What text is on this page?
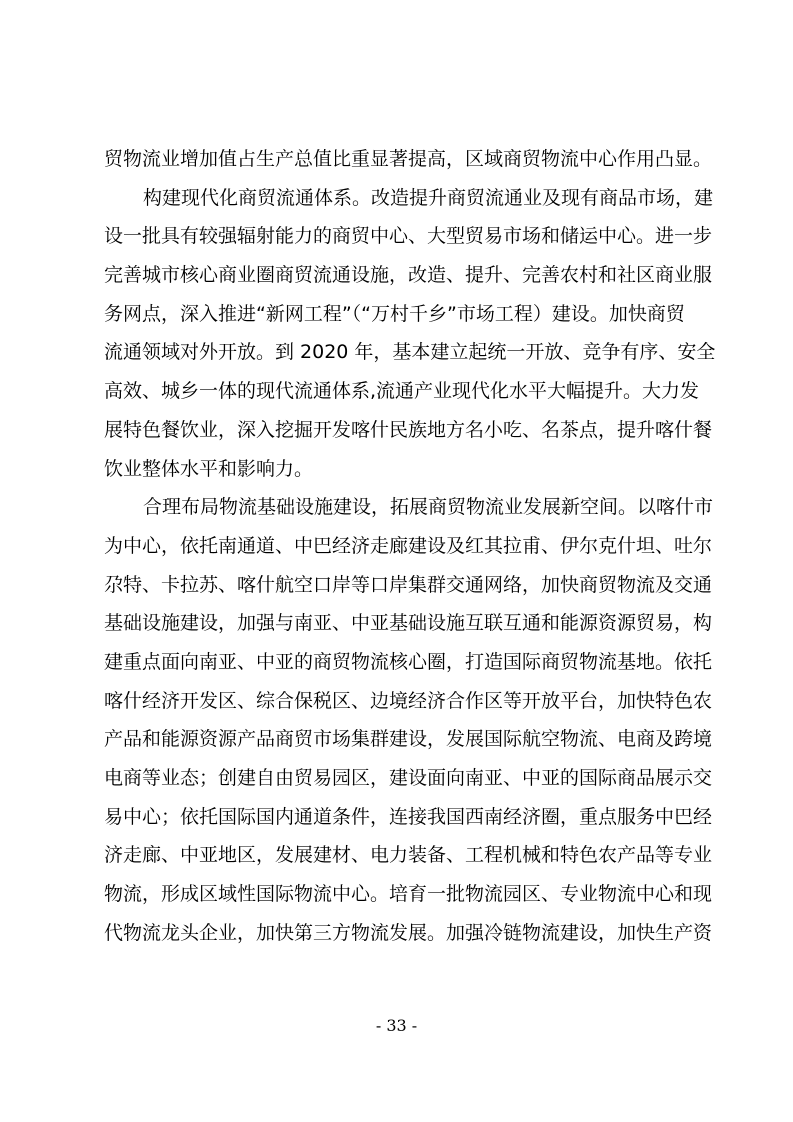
贸物流业增加值占生产总值比重显著提高，区域商贸物流中心作用凸显。
构建现代化商贸流通体系。改造提升商贸流通业及现有商品市场，建
设一批具有较强辐射能力的商贸中心、大型贸易市场和储运中心。进一步
完善城市核心商业圈商贸流通设施，改造、提升、完善农村和社区商业服
务网点，深入推进“新网工程”（“万村千乡”市场工程）建设。加快商贸
流通领域对外开放。到 2020 年，基本建立起统一开放、竞争有序、安全
高效、城乡一体的现代流通体系,流通产业现代化水平大幅提升。大力发
展特色餐饮业，深入挖掘开发喀什民族地方名小吃、名茶点，提升喀什餐
饮业整体水平和影响力。
合理布局物流基础设施建设，拓展商贸物流业发展新空间。以喀什市
为中心，依托南通道、中巴经济走廊建设及红其拉甫、伊尔克什坦、吐尔
尕特、卡拉苏、喀什航空口岸等口岸集群交通网络，加快商贸物流及交通
基础设施建设，加强与南亚、中亚基础设施互联互通和能源资源贸易，构
建重点面向南亚、中亚的商贸物流核心圈，打造国际商贸物流基地。依托
喀什经济开发区、综合保税区、边境经济合作区等开放平台，加快特色农
产品和能源资源产品商贸市场集群建设，发展国际航空物流、电商及跨境
电商等业态；创建自由贸易园区，建设面向南亚、中亚的国际商品展示交
易中心；依托国际国内通道条件，连接我国西南经济圈，重点服务中巴经
济走廊、中亚地区，发展建材、电力装备、工程机械和特色农产品等专业
物流，形成区域性国际物流中心。培育一批物流园区、专业物流中心和现
代物流龙头企业，加快第三方物流发展。加强冷链物流建设，加快生产资
- 33 -
